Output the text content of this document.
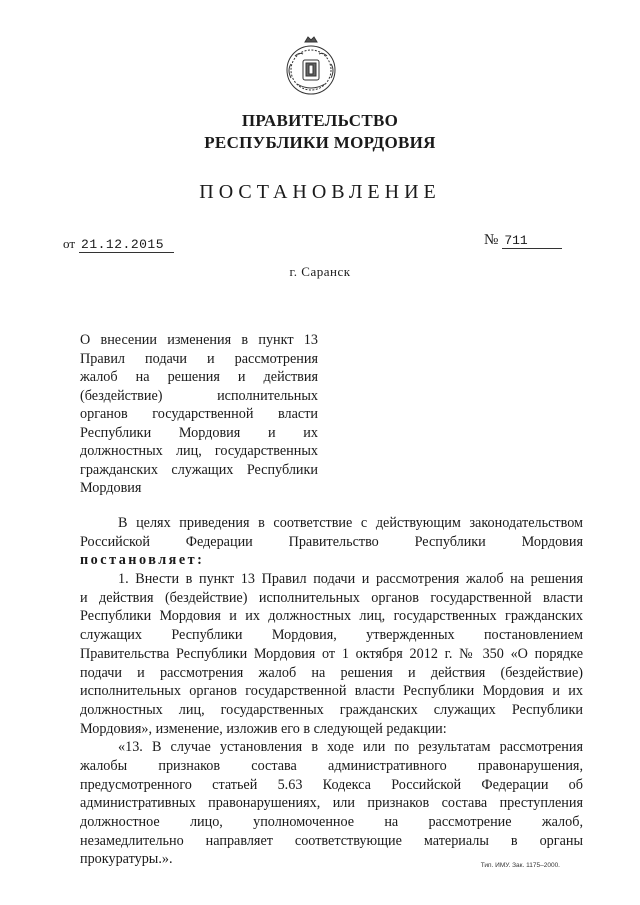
ПРАВИТЕЛЬСТВО
РЕСПУБЛИКИ МОРДОВИЯ
ПОСТАНОВЛЕНИЕ
от 21.12.2015	№ 711
г. Саранск
О внесении изменения в пункт 13
Правил подачи и рассмотрения
жалоб на решения и действия
(бездействие) исполнительных
органов государственной власти
Республики Мордовия и их
должностных лиц, государственных
гражданских служащих Республики
Мордовия
В целях приведения в соответствие с действующим законодательством
Российской Федерации Правительство Республики Мордовия
постановляет:
1. Внести в пункт 13 Правил подачи и рассмотрения жалоб на решения
и действия (бездействие) исполнительных органов государственной власти
Республики Мордовия и их должностных лиц, государственных гражданских
служащих Республики Мордовия, утвержденных постановлением
Правительства Республики Мордовия от 1 октября 2012 г. № 350 «О порядке
подачи и рассмотрения жалоб на решения и действия (бездействие)
исполнительных органов государственной власти Республики Мордовия и их
должностных лиц, государственных гражданских служащих Республики
Мордовия», изменение, изложив его в следующей редакции:
«13. В случае установления в ходе или по результатам рассмотрения
жалобы признаков состава административного правонарушения,
предусмотренного статьей 5.63 Кодекса Российской Федерации об
административных правонарушениях, или признаков состава преступления
должностное лицо, уполномоченное на рассмотрение жалоб,
незамедлительно направляет соответствующие материалы в органы
прокуратуры.».	Тип. ИМУ. Зак. 1175–2000.
